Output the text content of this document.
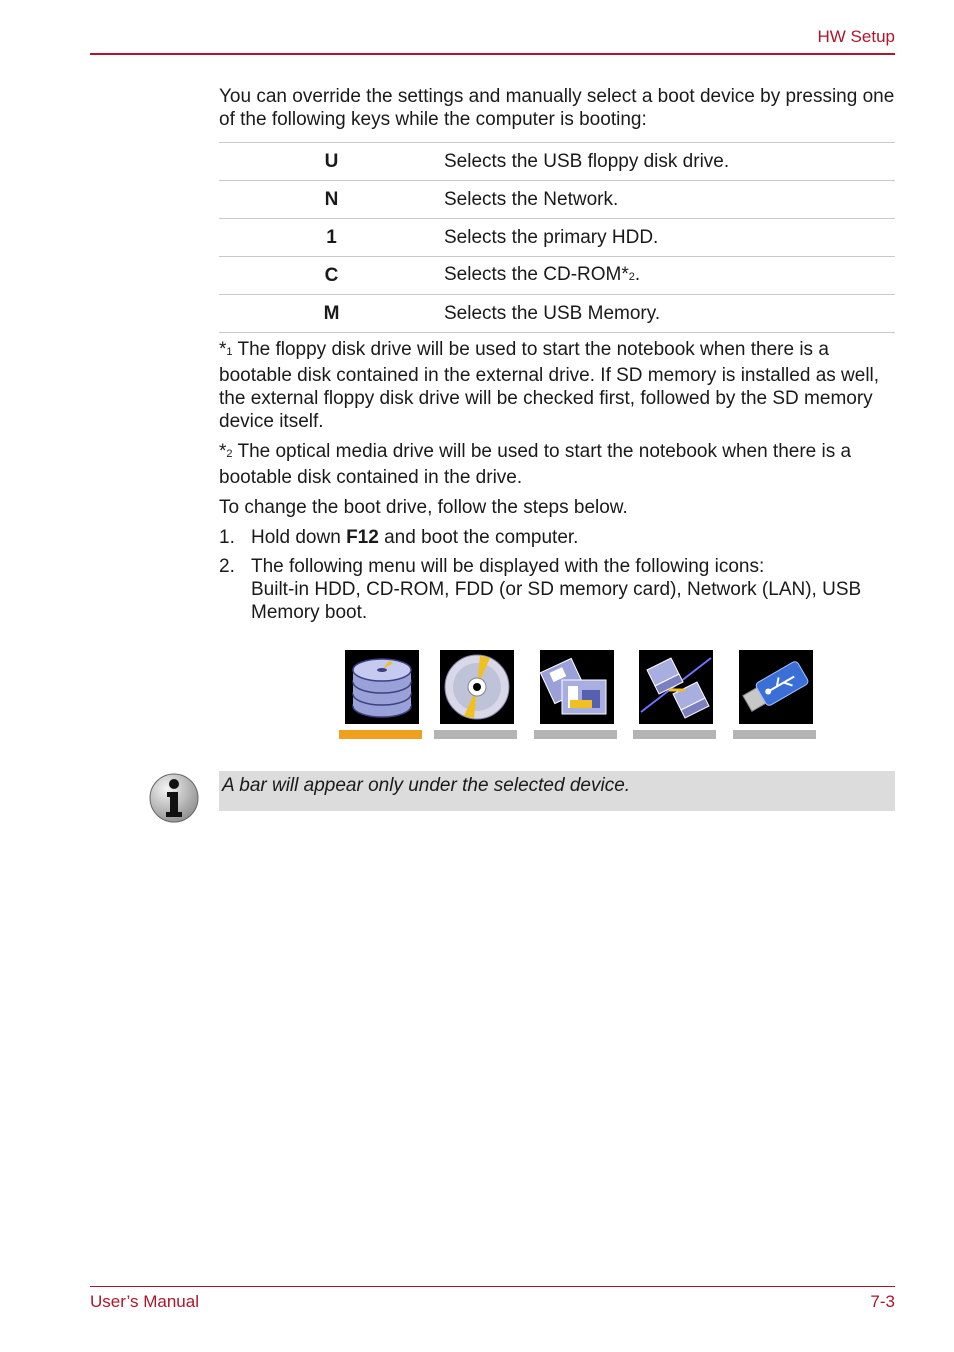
HW Setup

You can override the settings and manually select a boot device by pressing one of the following keys while the computer is booting:

U	Selects the USB floppy disk drive.
N	Selects the Network.
1	Selects the primary HDD.
C	Selects the CD-ROM*2.
M	Selects the USB Memory.

*1 The floppy disk drive will be used to start the notebook when there is a bootable disk contained in the external drive. If SD memory is installed as well, the external floppy disk drive will be checked first, followed by the SD memory device itself.

*2 The optical media drive will be used to start the notebook when there is a bootable disk contained in the drive.

To change the boot drive, follow the steps below.

1. Hold down F12 and boot the computer.
2. The following menu will be displayed with the following icons:
Built-in HDD, CD-ROM, FDD (or SD memory card), Network (LAN), USB Memory boot.
A bar will appear only under the selected device.
User’s Manual	7-3
